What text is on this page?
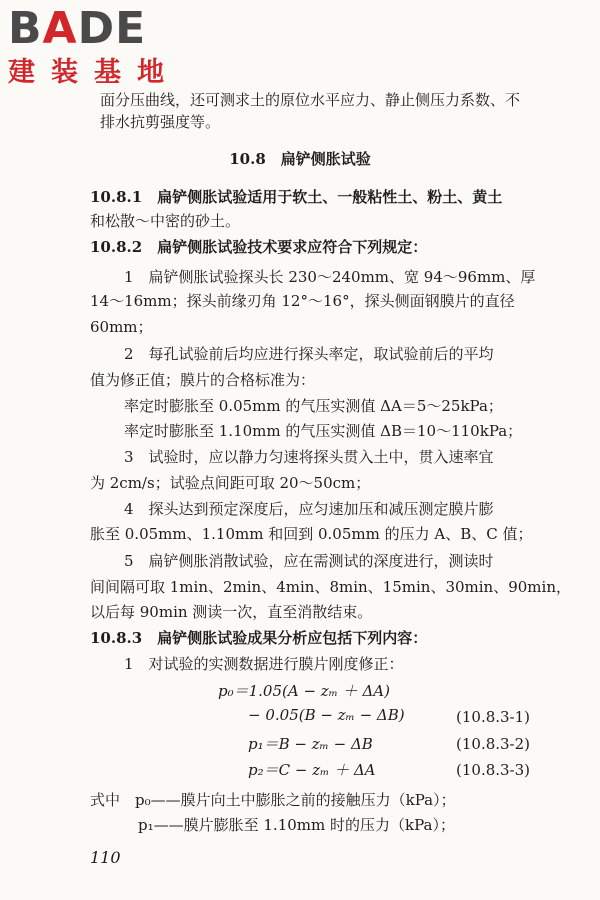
BADE
建装基地
面分压曲线，还可测求土的原位水平应力、静止侧压力系数、不
排水抗剪强度等。
10.8　扁铲侧胀试验
10.8.1　扁铲侧胀试验适用于软土、一般粘性土、粉土、黄土
和松散～中密的砂土。
10.8.2　扁铲侧胀试验技术要求应符合下列规定：
1　扁铲侧胀试验探头长 230～240mm、宽 94～96mm、厚
14～16mm；探头前缘刃角 12°～16°，探头侧面钢膜片的直径
60mm；
2　每孔试验前后均应进行探头率定，取试验前后的平均
值为修正值；膜片的合格标准为：
率定时膨胀至 0.05mm 的气压实测值 ΔA＝5～25kPa；
率定时膨胀至 1.10mm 的气压实测值 ΔB＝10～110kPa；
3　试验时，应以静力匀速将探头贯入土中，贯入速率宜
为 2cm/s；试验点间距可取 20～50cm；
4　探头达到预定深度后，应匀速加压和减压测定膜片膨
胀至 0.05mm、1.10mm 和回到 0.05mm 的压力 A、B、C 值；
5　扁铲侧胀消散试验，应在需测试的深度进行，测读时
间间隔可取 1min、2min、4min、8min、15min、30min、90min，
以后每 90min 测读一次，直至消散结束。
10.8.3　扁铲侧胀试验成果分析应包括下列内容：
1　对试验的实测数据进行膜片刚度修正：
p₀＝1.05(A − zₘ ＋ ΔA)
− 0.05(B − zₘ − ΔB)	(10.8.3-1)
p₁＝B − zₘ − ΔB	(10.8.3-2)
p₂＝C − zₘ ＋ ΔA	(10.8.3-3)
式中　p₀——膜片向土中膨胀之前的接触压力（kPa）；
p₁——膜片膨胀至 1.10mm 时的压力（kPa）；
110
